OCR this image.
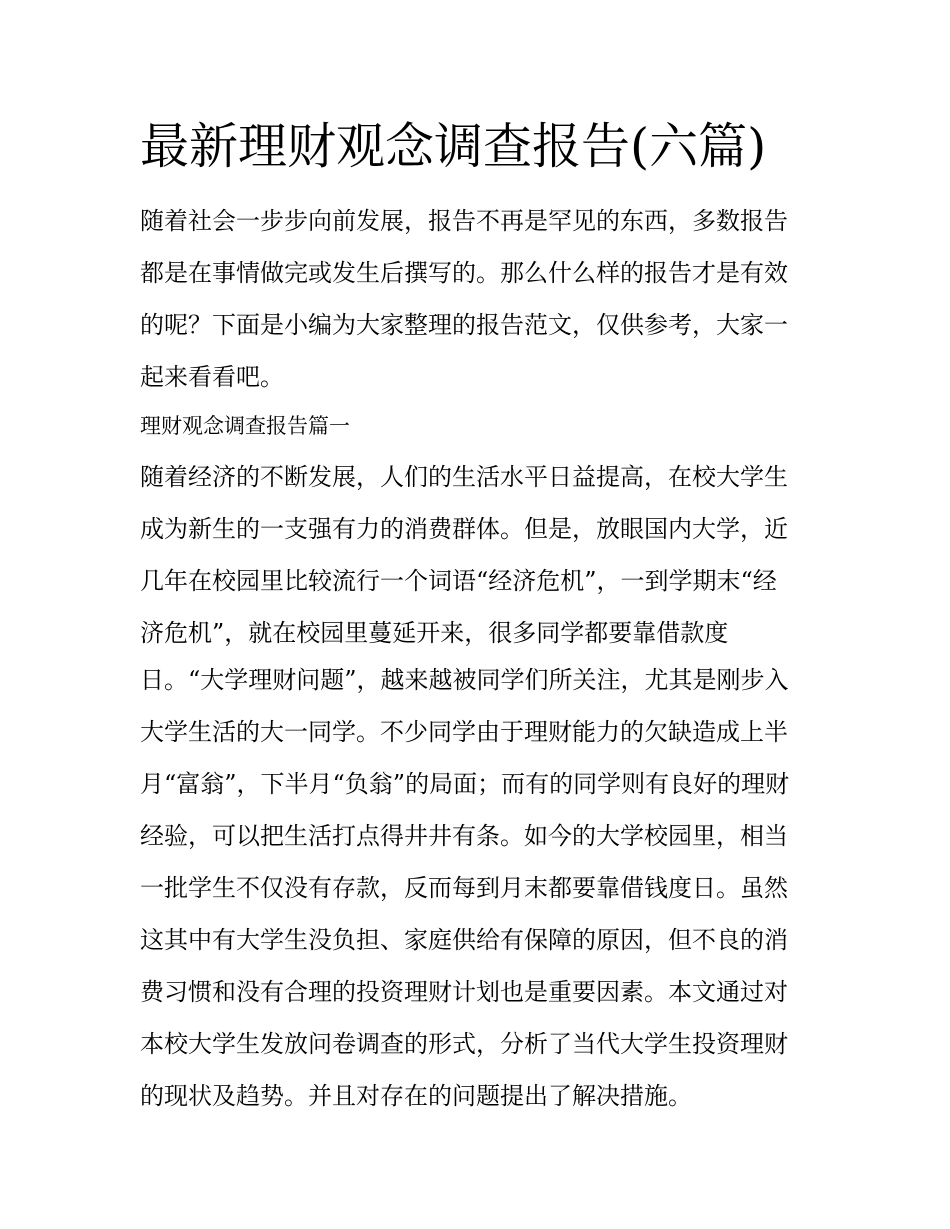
最新理财观念调查报告(六篇)

随着社会一步步向前发展，报告不再是罕见的东西，多数报告

都是在事情做完或发生后撰写的。那么什么样的报告才是有效

的呢？下面是小编为大家整理的报告范文，仅供参考，大家一

起来看看吧。

理财观念调查报告篇一

随着经济的不断发展，人们的生活水平日益提高，在校大学生

成为新生的一支强有力的消费群体。但是，放眼国内大学，近

几年在校园里比较流行一个词语“经济危机”，一到学期末“经

济危机”，就在校园里蔓延开来，很多同学都要靠借款度

日。“大学理财问题”，越来越被同学们所关注，尤其是刚步入

大学生活的大一同学。不少同学由于理财能力的欠缺造成上半

月“富翁”，下半月“负翁”的局面；而有的同学则有良好的理财

经验，可以把生活打点得井井有条。如今的大学校园里，相当

一批学生不仅没有存款，反而每到月末都要靠借钱度日。虽然

这其中有大学生没负担、家庭供给有保障的原因，但不良的消

费习惯和没有合理的投资理财计划也是重要因素。本文通过对

本校大学生发放问卷调查的形式，分析了当代大学生投资理财

的现状及趋势。并且对存在的问题提出了解决措施。
